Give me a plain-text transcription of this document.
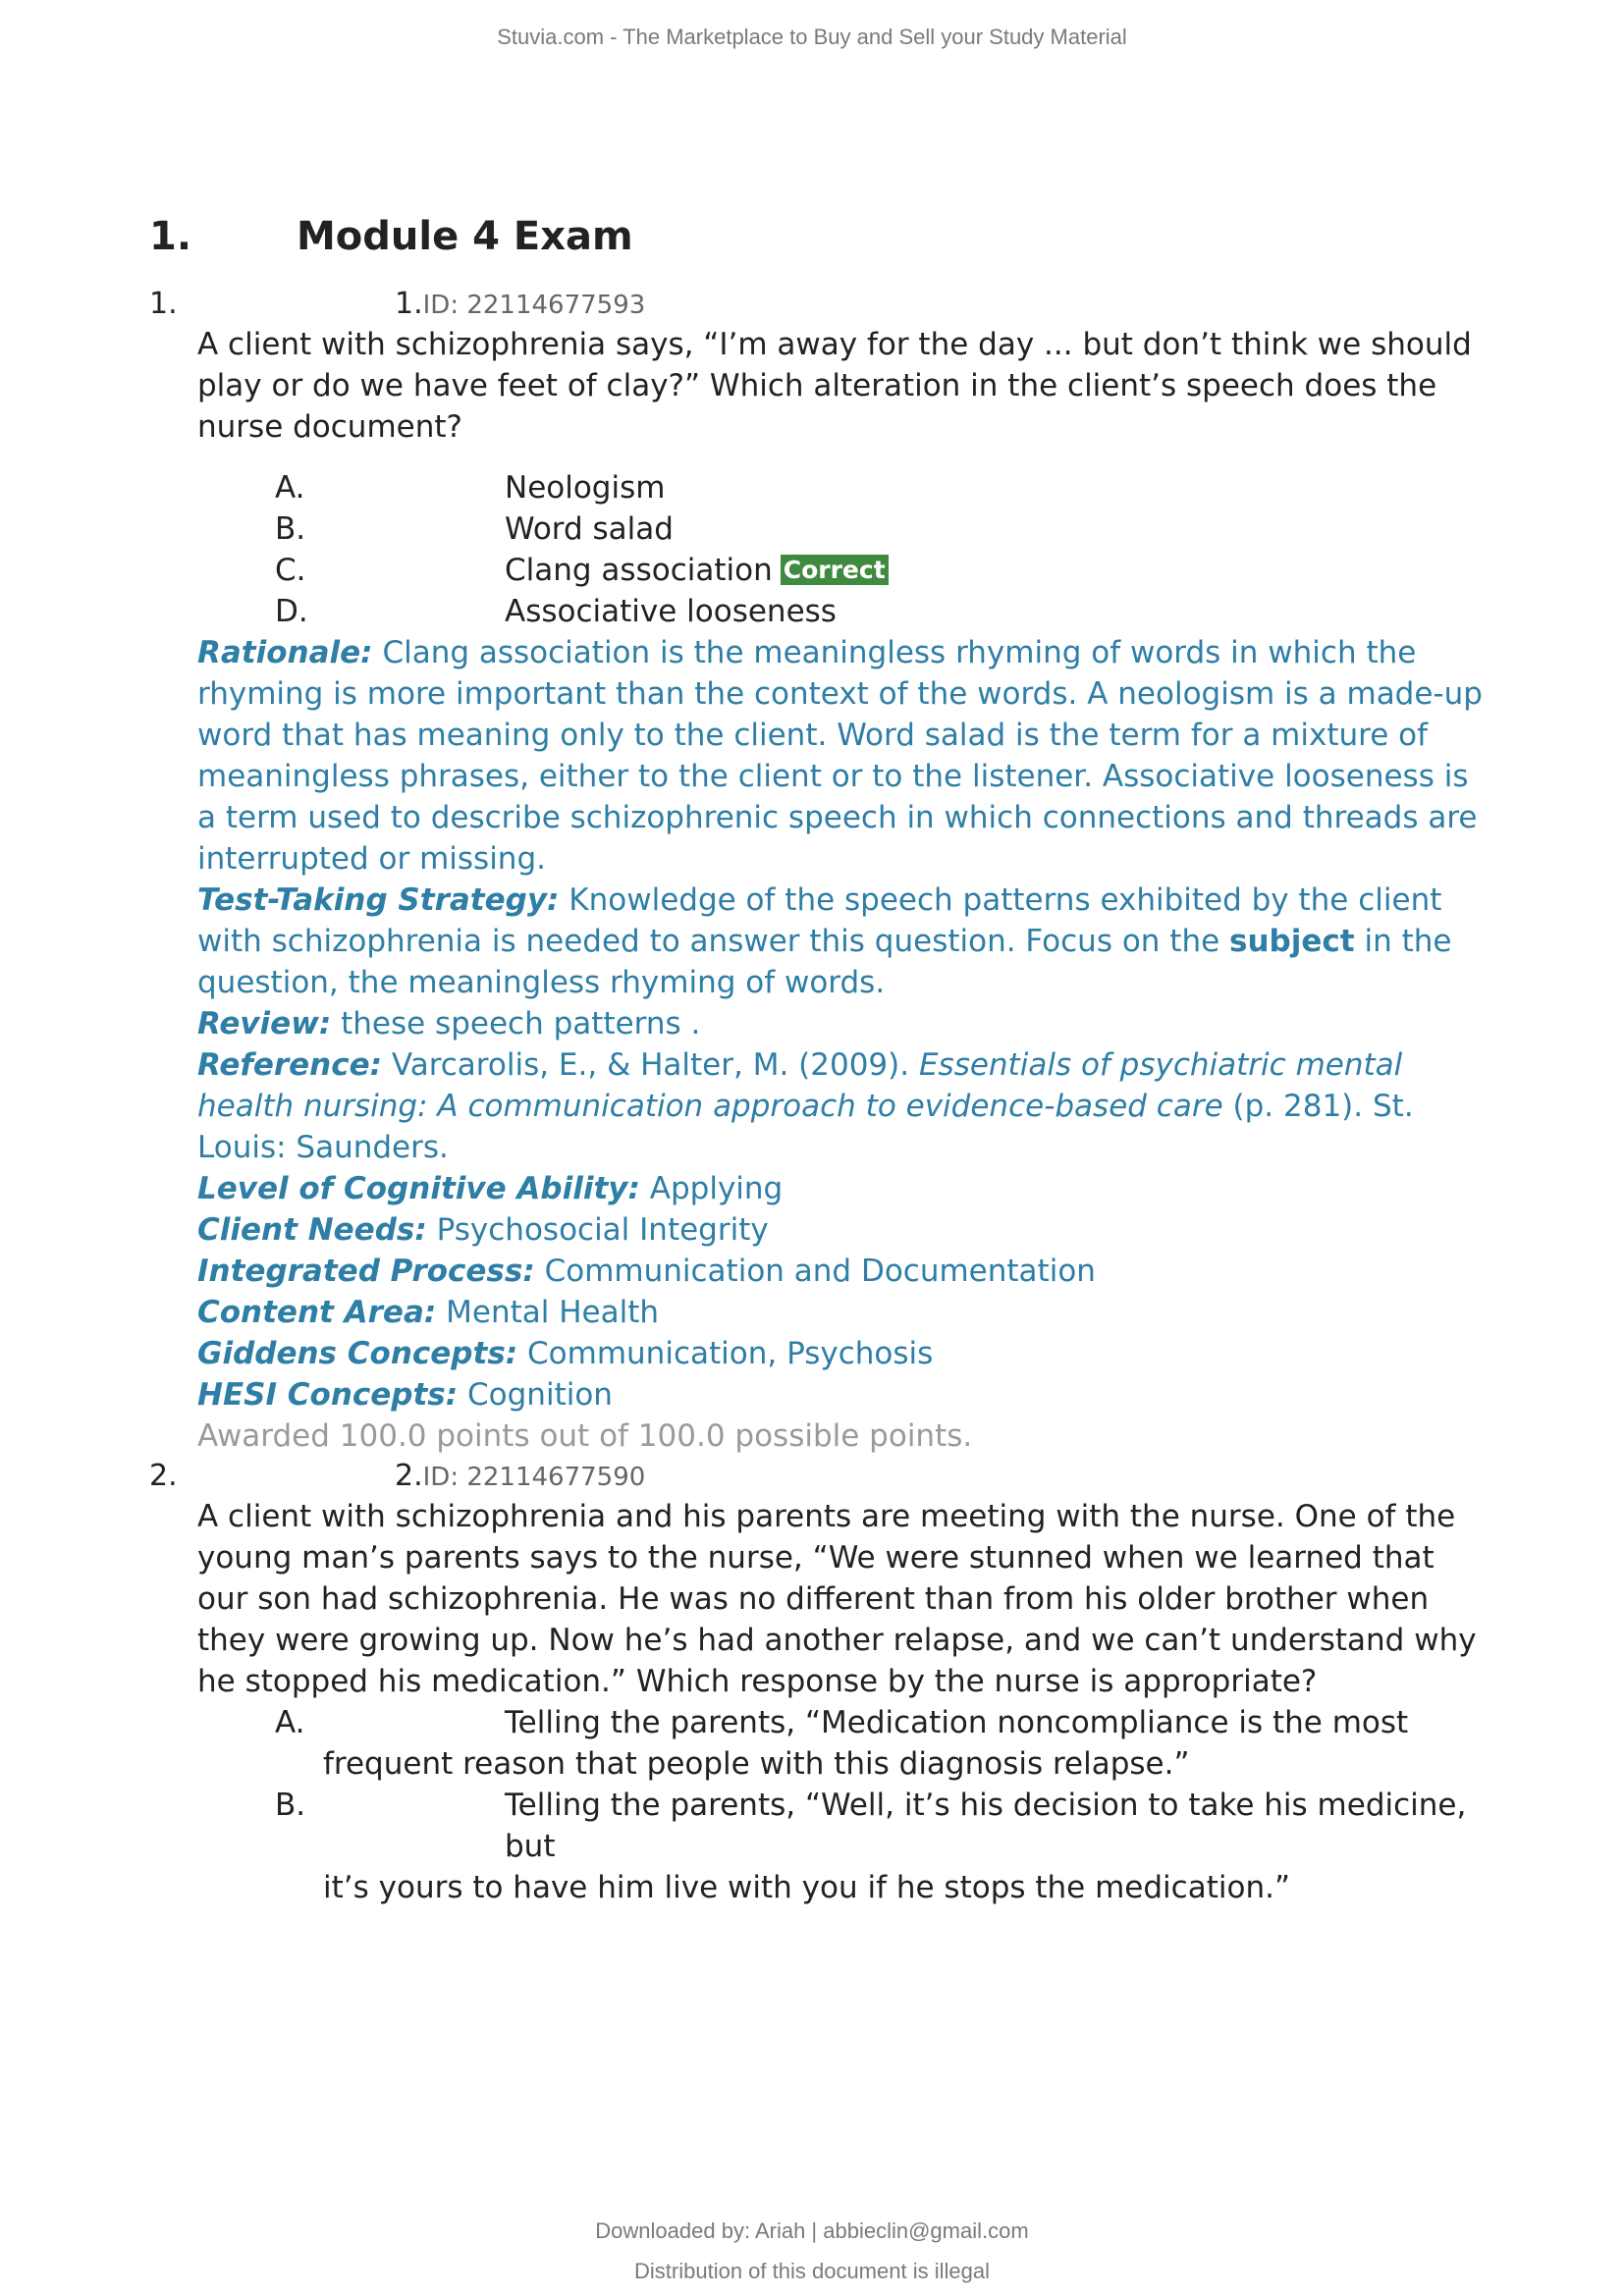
Stuvia.com - The Marketplace to Buy and Sell your Study Material
1.	Module 4 Exam
1.	1.ID: 22114677593
A client with schizophrenia says, “I’m away for the day ... but don’t think we should play or do we have feet of clay?” Which alteration in the client’s speech does the nurse document?
A.	Neologism
B.	Word salad
C.	Clang association Correct
D.	Associative looseness
Rationale: Clang association is the meaningless rhyming of words in which the rhyming is more important than the context of the words. A neologism is a made-up word that has meaning only to the client. Word salad is the term for a mixture of meaningless phrases, either to the client or to the listener. Associative looseness is a term used to describe schizophrenic speech in which connections and threads are interrupted or missing.
Test-Taking Strategy: Knowledge of the speech patterns exhibited by the client with schizophrenia is needed to answer this question. Focus on the subject in the question, the meaningless rhyming of words.
Review: these speech patterns .
Reference: Varcarolis, E., & Halter, M. (2009). Essentials of psychiatric mental health nursing: A communication approach to evidence-based care (p. 281). St. Louis: Saunders.
Level of Cognitive Ability: Applying
Client Needs: Psychosocial Integrity
Integrated Process: Communication and Documentation
Content Area: Mental Health
Giddens Concepts: Communication, Psychosis
HESI Concepts: Cognition
Awarded 100.0 points out of 100.0 possible points.
2.	2.ID: 22114677590
A client with schizophrenia and his parents are meeting with the nurse. One of the young man’s parents says to the nurse, “We were stunned when we learned that our son had schizophrenia. He was no different than from his older brother when they were growing up. Now he’s had another relapse, and we can’t understand why he stopped his medication.” Which response by the nurse is appropriate?
A.	Telling the parents, “Medication noncompliance is the most
frequent reason that people with this diagnosis relapse.”
B.	Telling the parents, “Well, it’s his decision to take his medicine, but
it’s yours to have him live with you if he stops the medication.”
Downloaded by: Ariah | abbieclin@gmail.com
Distribution of this document is illegal
